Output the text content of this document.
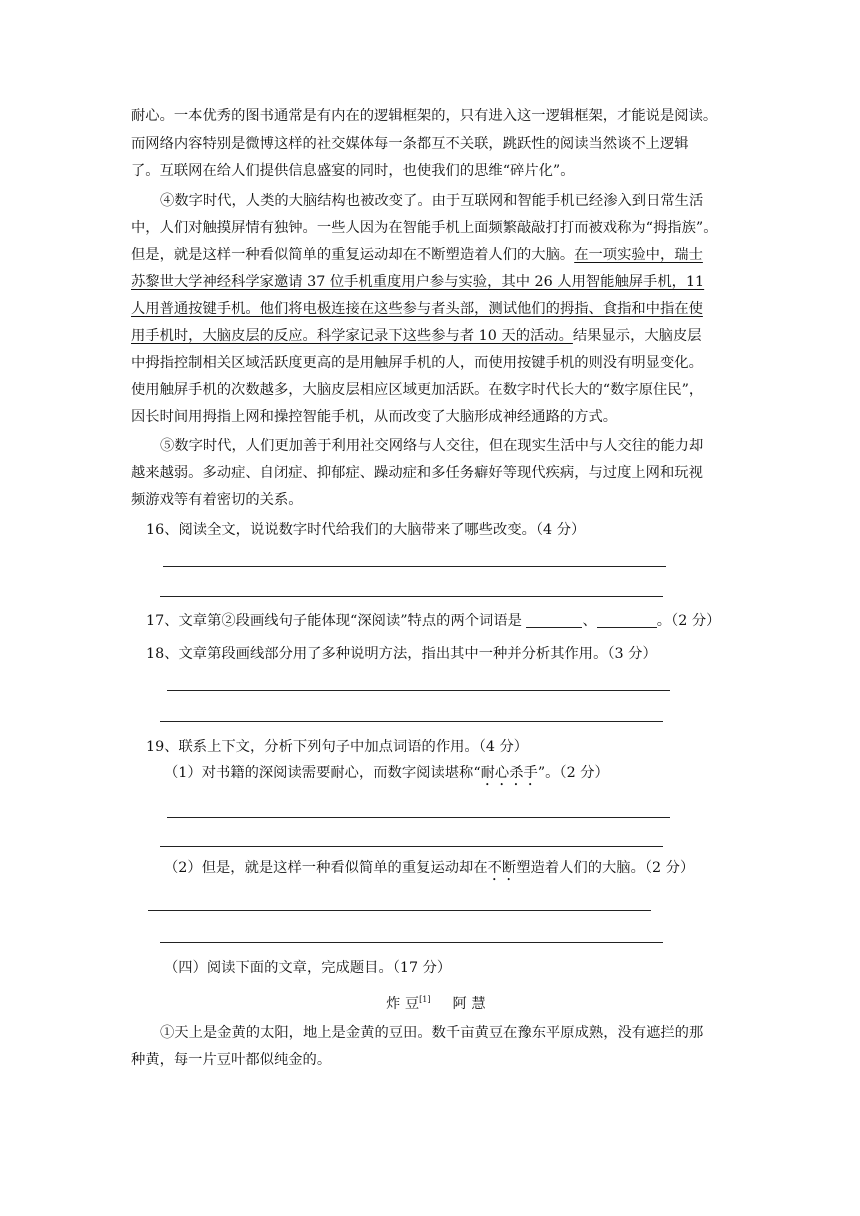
耐心。一本优秀的图书通常是有内在的逻辑框架的，只有进入这一逻辑框架，才能说是阅读。
而网络内容特别是微博这样的社交媒体每一条都互不关联，跳跃性的阅读当然谈不上逻辑
了。互联网在给人们提供信息盛宴的同时，也使我们的思维“碎片化”。
④数字时代，人类的大脑结构也被改变了。由于互联网和智能手机已经渗入到日常生活
中，人们对触摸屏情有独钟。一些人因为在智能手机上面频繁敲敲打打而被戏称为“拇指族”。
但是，就是这样一种看似简单的重复运动却在不断塑造着人们的大脑。在一项实验中，瑞士
苏黎世大学神经科学家邀请 37 位手机重度用户参与实验，其中 26 人用智能触屏手机，11
人用普通按键手机。他们将电极连接在这些参与者头部，测试他们的拇指、食指和中指在使
用手机时，大脑皮层的反应。科学家记录下这些参与者 10 天的活动。结果显示，大脑皮层
中拇指控制相关区域活跃度更高的是用触屏手机的人，而使用按键手机的则没有明显变化。
使用触屏手机的次数越多，大脑皮层相应区域更加活跃。在数字时代长大的“数字原住民”，
因长时间用拇指上网和操控智能手机，从而改变了大脑形成神经通路的方式。
⑤数字时代，人们更加善于利用社交网络与人交往，但在现实生活中与人交往的能力却
越来越弱。多动症、自闭症、抑郁症、躁动症和多任务癖好等现代疾病，与过度上网和玩视
频游戏等有着密切的关系。
16、阅读全文，说说数字时代给我们的大脑带来了哪些改变。（4 分）
17、文章第②段画线句子能体现“深阅读”特点的两个词语是	、	。（2 分）
18、文章第段画线部分用了多种说明方法，指出其中一种并分析其作用。（3 分）
19、联系上下文，分析下列句子中加点词语的作用。（4 分）
（1）对书籍的深阅读需要耐心，而数字阅读堪称“耐心杀手”。（2 分）
（2）但是，就是这样一种看似简单的重复运动却在不断塑造着人们的大脑。（2 分）
（四）阅读下面的文章，完成题目。（17 分）
炸 豆[1] 阿 慧
①天上是金黄的太阳，地上是金黄的豆田。数千亩黄豆在豫东平原成熟，没有遮拦的那
种黄，每一片豆叶都似纯金的。
